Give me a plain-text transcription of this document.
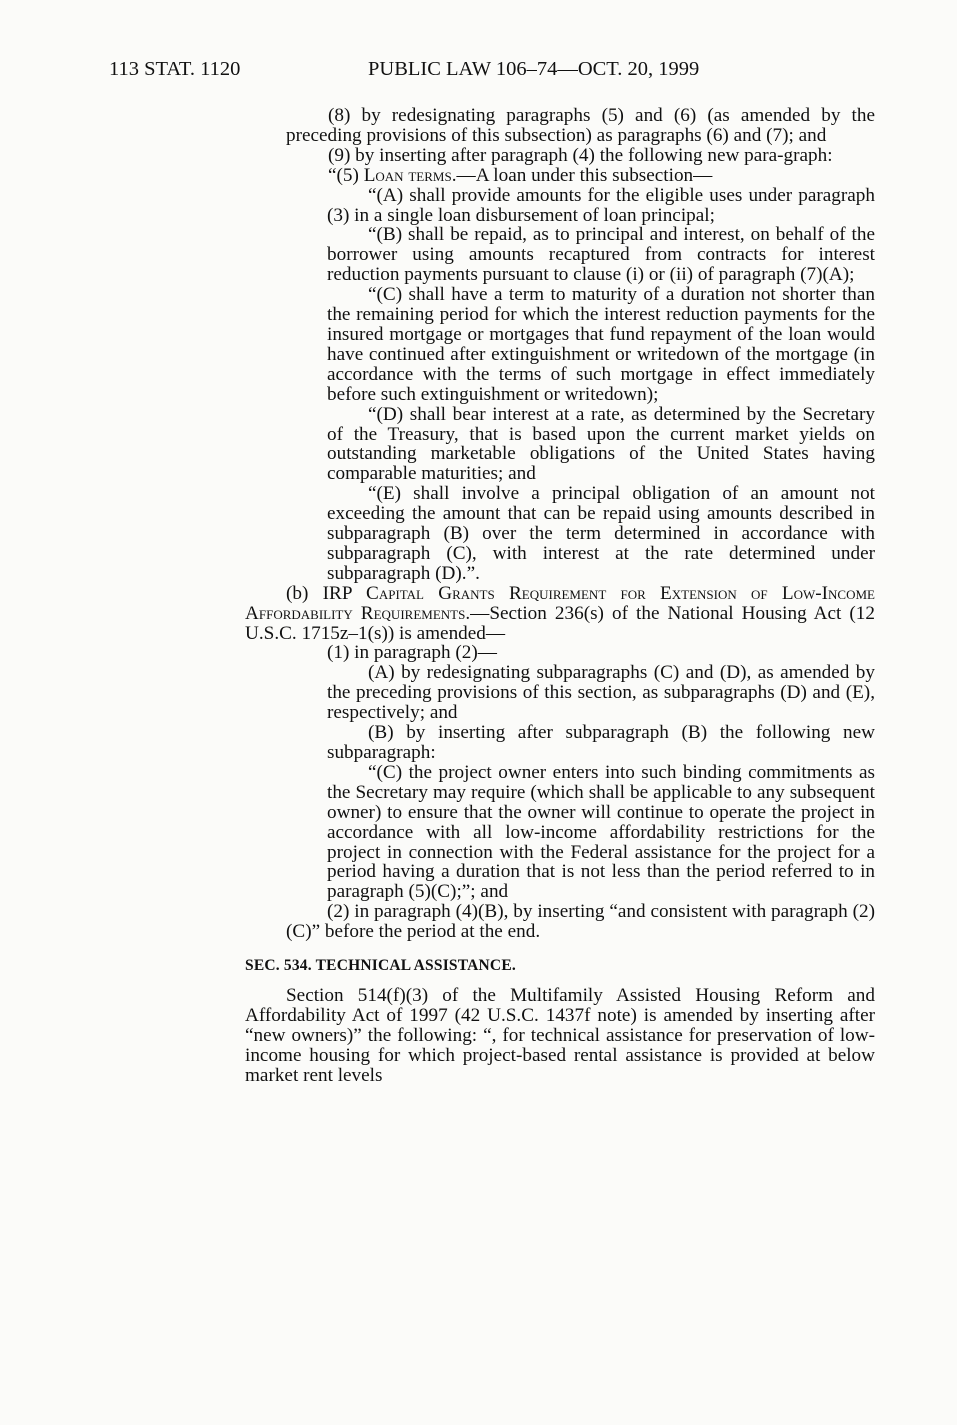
113 STAT. 1120	PUBLIC LAW 106–74—OCT. 20, 1999

(8) by redesignating paragraphs (5) and (6) (as amended by the preceding provisions of this subsection) as paragraphs (6) and (7); and

(9) by inserting after paragraph (4) the following new para-graph:

“(5) Loan terms.—A loan under this subsection—

“(A) shall provide amounts for the eligible uses under paragraph (3) in a single loan disbursement of loan principal;

“(B) shall be repaid, as to principal and interest, on behalf of the borrower using amounts recaptured from contracts for interest reduction payments pursuant to clause (i) or (ii) of paragraph (7)(A);

“(C) shall have a term to maturity of a duration not shorter than the remaining period for which the interest reduction payments for the insured mortgage or mortgages that fund repayment of the loan would have continued after extinguishment or writedown of the mortgage (in accordance with the terms of such mortgage in effect immediately before such extinguishment or writedown);

“(D) shall bear interest at a rate, as determined by the Secretary of the Treasury, that is based upon the current market yields on outstanding marketable obligations of the United States having comparable maturities; and

“(E) shall involve a principal obligation of an amount not exceeding the amount that can be repaid using amounts described in subparagraph (B) over the term determined in accordance with subparagraph (C), with interest at the rate determined under subparagraph (D).”.

(b) IRP Capital Grants Requirement for Extension of Low-Income Affordability Requirements.—Section 236(s) of the National Housing Act (12 U.S.C. 1715z–1(s)) is amended—

(1) in paragraph (2)—

(A) by redesignating subparagraphs (C) and (D), as amended by the preceding provisions of this section, as subparagraphs (D) and (E), respectively; and

(B) by inserting after subparagraph (B) the following new subparagraph:

“(C) the project owner enters into such binding commitments as the Secretary may require (which shall be applicable to any subsequent owner) to ensure that the owner will continue to operate the project in accordance with all low-income affordability restrictions for the project in connection with the Federal assistance for the project for a period having a duration that is not less than the period referred to in paragraph (5)(C);”; and

(2) in paragraph (4)(B), by inserting “and consistent with paragraph (2)(C)” before the period at the end.

SEC. 534. TECHNICAL ASSISTANCE.

Section 514(f)(3) of the Multifamily Assisted Housing Reform and Affordability Act of 1997 (42 U.S.C. 1437f note) is amended by inserting after “new owners)” the following: “, for technical assistance for preservation of low-income housing for which project-based rental assistance is provided at below market rent levels
